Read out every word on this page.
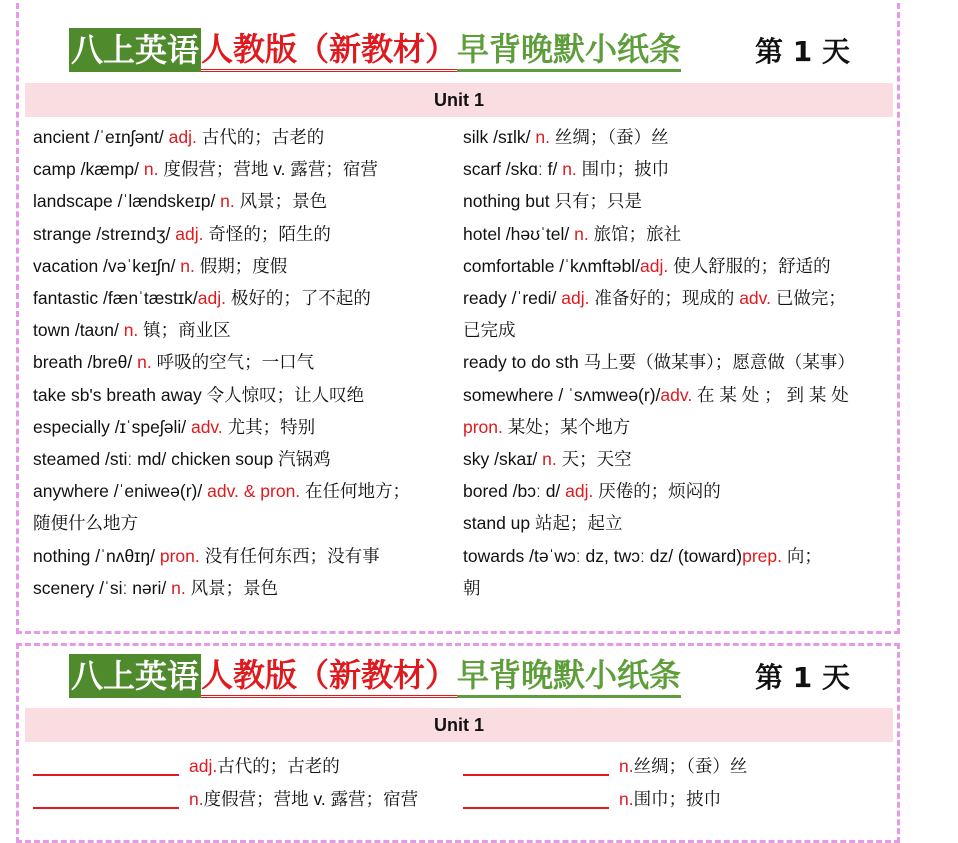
八上英语 人教版（新教材） 早背晚默小纸条	第 1 天
Unit 1
ancient /ˈeɪnʃənt/ adj. 古代的；古老的
camp /kæmp/ n. 度假营；营地 v. 露营；宿营
landscape /ˈlændskeɪp/ n. 风景；景色
strange /streɪndʒ/ adj. 奇怪的；陌生的
vacation /vəˈkeɪʃn/ n. 假期；度假
fantastic /fænˈtæstɪk/adj. 极好的；了不起的
town /taʊn/ n. 镇；商业区
breath /breθ/ n. 呼吸的空气；一口气
take sb's breath away 令人惊叹；让人叹绝
especially /ɪˈspeʃəli/ adv. 尤其；特别
steamed /stiː md/ chicken soup 汽锅鸡
anywhere /ˈeniweə(r)/ adv. & pron. 在任何地方；
随便什么地方
nothing /ˈnʌθɪŋ/ pron. 没有任何东西；没有事
scenery /ˈsiː nəri/ n. 风景；景色
silk /sɪlk/ n. 丝绸；（蚕）丝
scarf /skɑː f/ n. 围巾；披巾
nothing but 只有；只是
hotel /həʊˈtel/ n. 旅馆；旅社
comfortable /ˈkʌmftəbl/adj. 使人舒服的；舒适的
ready /ˈredi/ adj. 准备好的；现成的 adv. 已做完；
已完成
ready to do sth 马上要（做某事）；愿意做（某事）
somewhere / ˈsʌmweə(r)/adv. 在 某 处 ； 到 某 处
pron. 某处；某个地方
sky /skaɪ/ n. 天；天空
bored /bɔː d/ adj. 厌倦的；烦闷的
stand up 站起；起立
towards /təˈwɔː dz, twɔː dz/ (toward)prep. 向；
朝
八上英语 人教版（新教材） 早背晚默小纸条	第 1 天
Unit 1
adj. 古代的；古老的
n. 度假营；营地 v. 露营；宿营
n. 丝绸；（蚕）丝
n. 围巾；披巾
